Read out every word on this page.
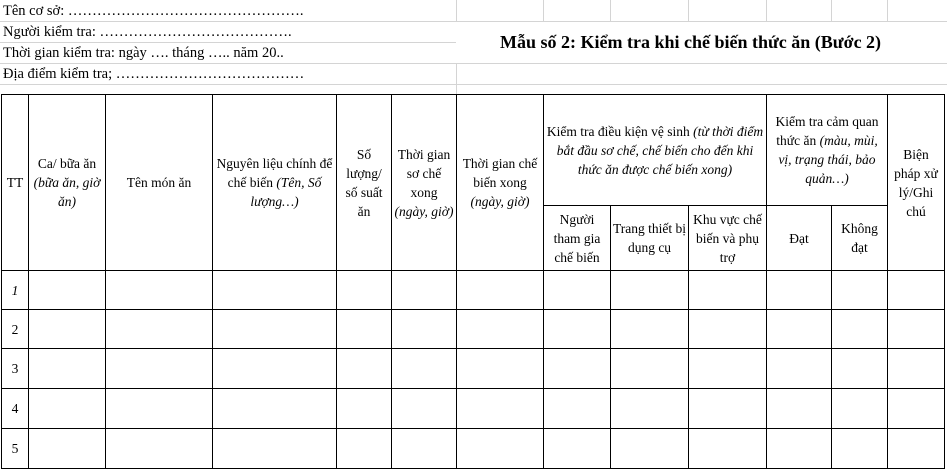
Tên cơ sở: ………………………………………….
Người kiểm tra: ………………………………….
Thời gian kiểm tra: ngày …. tháng ….. năm 20..
Địa điểm kiểm tra; …………………………………
Mẫu số 2: Kiểm tra khi chế biến thức ăn (Bước 2)
TT	Ca/ bữa ăn (bữa ăn, giờ ăn)	Tên món ăn	Nguyên liệu chính để chế biến (Tên, Số lượng…)	Số lượng/ số suất ăn	Thời gian sơ chế xong (ngày, giờ)	Thời gian chế biến xong (ngày, giờ)	Kiểm tra điều kiện vệ sinh (từ thời điểm bắt đầu sơ chế, chế biến cho đến khi thức ăn được chế biến xong)			Kiểm tra cảm quan thức ăn (màu, mùi, vị, trạng thái, bảo quản…)		Biện pháp xử lý/Ghi chú
							Người tham gia chế biến	Trang thiết bị dụng cụ	Khu vực chế biến và phụ trợ	Đạt	Không đạt	
1												
2												
3												
4												
5												
